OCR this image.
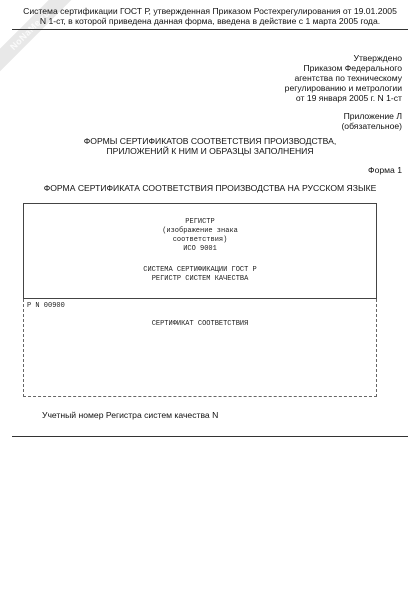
NoNaMe.ru
Система сертификации ГОСТ Р, утвержденная Приказом Ростехрегулирования от 19.01.2005
N 1-ст, в которой приведена данная форма, введена в действие с 1 марта 2005 года.
Утверждено
Приказом Федерального
агентства по техническому
регулированию и метрологии
от 19 января 2005 г. N 1-ст
Приложение Л
(обязательное)
ФОРМЫ СЕРТИФИКАТОВ СООТВЕТСТВИЯ ПРОИЗВОДСТВА,
ПРИЛОЖЕНИЙ К НИМ И ОБРАЗЦЫ ЗАПОЛНЕНИЯ
Форма 1
ФОРМА СЕРТИФИКАТА СООТВЕТСТВИЯ ПРОИЗВОДСТВА НА РУССКОМ ЯЗЫКЕ
РЕГИСТР
(изображение знака
соответствия)
ИСО 9001
СИСТЕМА СЕРТИФИКАЦИИ ГОСТ Р
РЕГИСТР СИСТЕМ КАЧЕСТВА
Р N 00900
СЕРТИФИКАТ СООТВЕТСТВИЯ
Учетный номер Регистра систем качества N
